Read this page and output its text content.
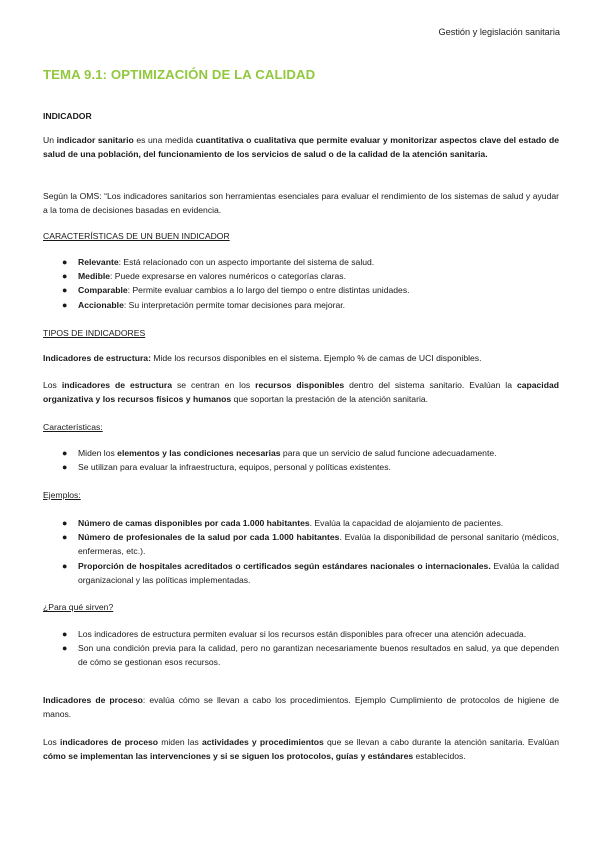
Gestión y legislación sanitaria
TEMA 9.1: OPTIMIZACIÓN DE LA CALIDAD
INDICADOR
Un indicador sanitario es una medida cuantitativa o cualitativa que permite evaluar y monitorizar aspectos clave del estado de salud de una población, del funcionamiento de los servicios de salud o de la calidad de la atención sanitaria.
Según la OMS: “Los indicadores sanitarios son herramientas esenciales para evaluar el rendimiento de los sistemas de salud y ayudar a la toma de decisiones basadas en evidencia.
CARACTERÍSTICAS DE UN BUEN INDICADOR
● Relevante: Está relacionado con un aspecto importante del sistema de salud.
● Medible: Puede expresarse en valores numéricos o categorías claras.
● Comparable: Permite evaluar cambios a lo largo del tiempo o entre distintas unidades.
● Accionable: Su interpretación permite tomar decisiones para mejorar.
TIPOS DE INDICADORES
Indicadores de estructura: Mide los recursos disponibles en el sistema. Ejemplo % de camas de UCI disponibles.
Los indicadores de estructura se centran en los recursos disponibles dentro del sistema sanitario. Evalúan la capacidad organizativa y los recursos físicos y humanos que soportan la prestación de la atención sanitaria.
Características:
● Miden los elementos y las condiciones necesarias para que un servicio de salud funcione adecuadamente.
● Se utilizan para evaluar la infraestructura, equipos, personal y políticas existentes.
Ejemplos:
● Número de camas disponibles por cada 1.000 habitantes. Evalúa la capacidad de alojamiento de pacientes.
● Número de profesionales de la salud por cada 1.000 habitantes. Evalúa la disponibilidad de personal sanitario (médicos, enfermeras, etc.).
● Proporción de hospitales acreditados o certificados según estándares nacionales o internacionales. Evalúa la calidad organizacional y las políticas implementadas.
¿Para qué sirven?
● Los indicadores de estructura permiten evaluar si los recursos están disponibles para ofrecer una atención adecuada.
● Son una condición previa para la calidad, pero no garantizan necesariamente buenos resultados en salud, ya que dependen de cómo se gestionan esos recursos.
Indicadores de proceso: evalúa cómo se llevan a cabo los procedimientos. Ejemplo Cumplimiento de protocolos de higiene de manos.
Los indicadores de proceso miden las actividades y procedimientos que se llevan a cabo durante la atención sanitaria. Evalúan cómo se implementan las intervenciones y si se siguen los protocolos, guías y estándares establecidos.
